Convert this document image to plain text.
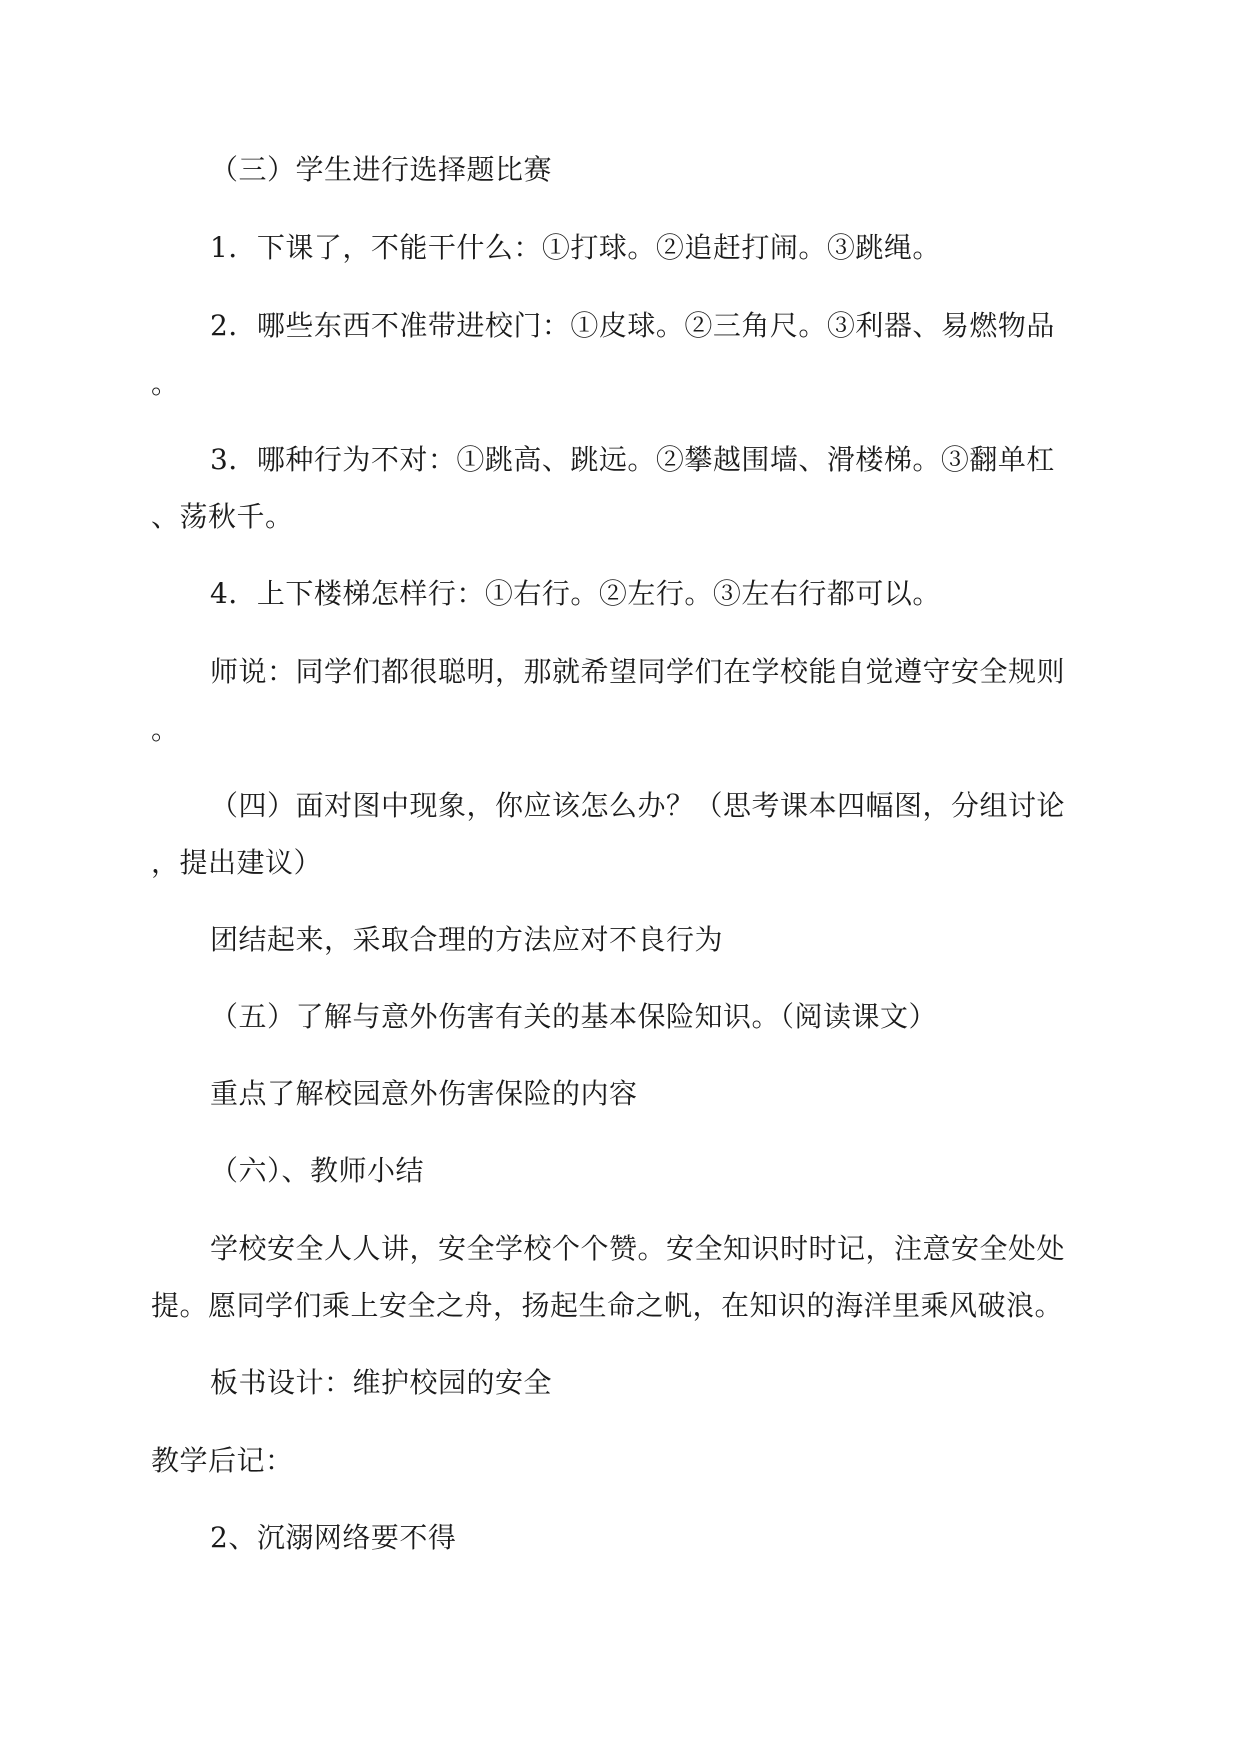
（三）学生进行选择题比赛
1．下课了，不能干什么：①打球。②追赶打闹。③跳绳。
2．哪些东西不准带进校门：①皮球。②三角尺。③利器、易燃物品
。
3．哪种行为不对：①跳高、跳远。②攀越围墙、滑楼梯。③翻单杠
、荡秋千。
4．上下楼梯怎样行：①右行。②左行。③左右行都可以。
师说：同学们都很聪明，那就希望同学们在学校能自觉遵守安全规则
。
（四）面对图中现象，你应该怎么办？（思考课本四幅图，分组讨论
，提出建议）
团结起来，采取合理的方法应对不良行为
（五）了解与意外伤害有关的基本保险知识。（阅读课文）
重点了解校园意外伤害保险的内容
（六）、教师小结
学校安全人人讲，安全学校个个赞。安全知识时时记，注意安全处处
提。愿同学们乘上安全之舟，扬起生命之帆，在知识的海洋里乘风破浪。
板书设计：维护校园的安全
教学后记：
2、沉溺网络要不得
